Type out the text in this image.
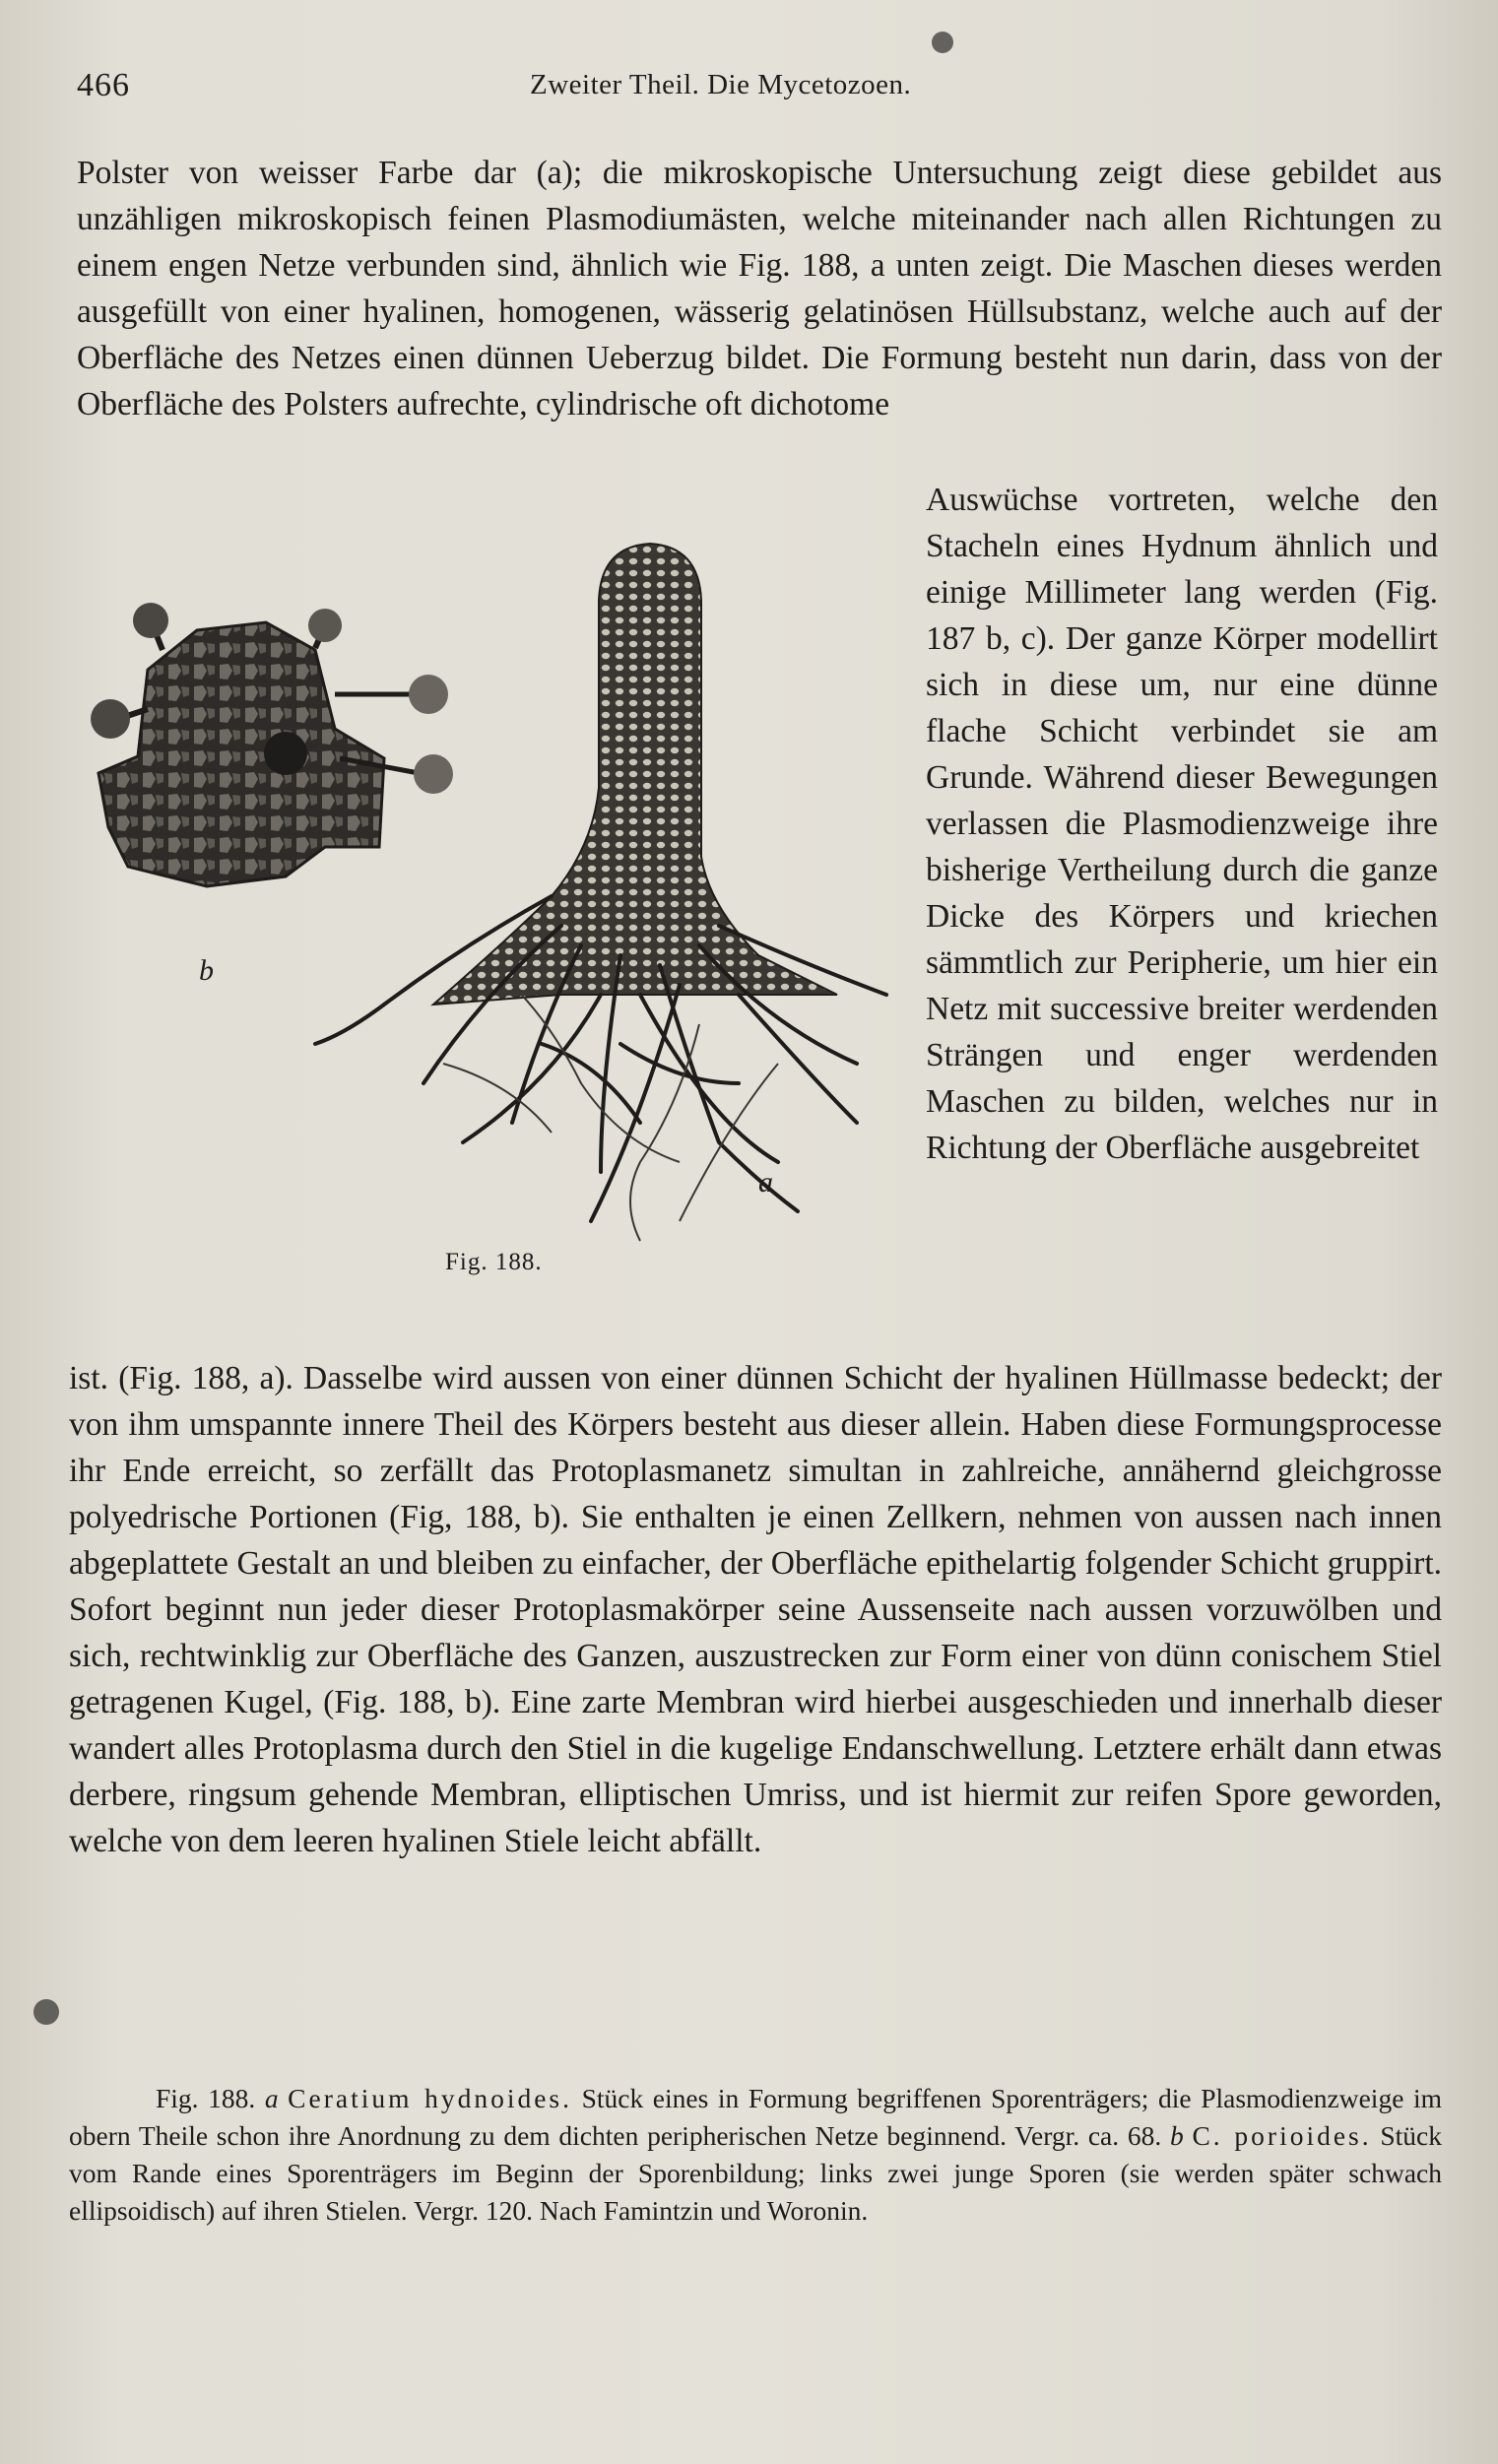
466	Zweiter Theil. Die Mycetozoen.

Polster von weisser Farbe dar (a); die mikroskopische Untersuchung zeigt diese gebildet aus unzähligen mikroskopisch feinen Plasmodiumästen, welche miteinander nach allen Richtungen zu einem engen Netze verbunden sind, ähnlich wie Fig. 188, a unten zeigt. Die Maschen dieses werden ausgefüllt von einer hyalinen, homogenen, wässerig gelatinösen Hüllsubstanz, welche auch auf der Oberfläche des Netzes einen dünnen Ueberzug bildet. Die Formung besteht nun darin, dass von der Oberfläche des Polsters aufrechte, cylindrische oft dichotome

b
a
Fig. 188.

Auswüchse vortreten, welche den Stacheln eines Hydnum ähnlich und einige Millimeter lang werden (Fig. 187 b, c). Der ganze Körper modellirt sich in diese um, nur eine dünne flache Schicht verbindet sie am Grunde. Während dieser Bewegungen verlassen die Plasmodienzweige ihre bisherige Vertheilung durch die ganze Dicke des Körpers und kriechen sämmtlich zur Peripherie, um hier ein Netz mit successive breiter werdenden Strängen und enger werdenden Maschen zu bilden, welches nur in Richtung der Oberfläche ausgebreitet

ist. (Fig. 188, a). Dasselbe wird aussen von einer dünnen Schicht der hyalinen Hüllmasse bedeckt; der von ihm umspannte innere Theil des Körpers besteht aus dieser allein. Haben diese Formungsprocesse ihr Ende erreicht, so zerfällt das Protoplasmanetz simultan in zahlreiche, annähernd gleichgrosse polyedrische Portionen (Fig, 188, b). Sie enthalten je einen Zellkern, nehmen von aussen nach innen abgeplattete Gestalt an und bleiben zu einfacher, der Oberfläche epithelartig folgender Schicht gruppirt. Sofort beginnt nun jeder dieser Protoplasmakörper seine Aussenseite nach aussen vorzuwölben und sich, rechtwinklig zur Oberfläche des Ganzen, auszustrecken zur Form einer von dünn conischem Stiel getragenen Kugel, (Fig. 188, b). Eine zarte Membran wird hierbei ausgeschieden und innerhalb dieser wandert alles Protoplasma durch den Stiel in die kugelige Endanschwellung. Letztere erhält dann etwas derbere, ringsum gehende Membran, elliptischen Umriss, und ist hiermit zur reifen Spore geworden, welche von dem leeren hyalinen Stiele leicht abfällt.

Fig. 188. a Ceratium hydnoides. Stück eines in Formung begriffenen Sporenträgers; die Plasmodienzweige im obern Theile schon ihre Anordnung zu dem dichten peripherischen Netze beginnend. Vergr. ca. 68. b C. porioides. Stück vom Rande eines Sporenträgers im Beginn der Sporenbildung; links zwei junge Sporen (sie werden später schwach ellipsoidisch) auf ihren Stielen. Vergr. 120. Nach Famintzin und Woronin.
